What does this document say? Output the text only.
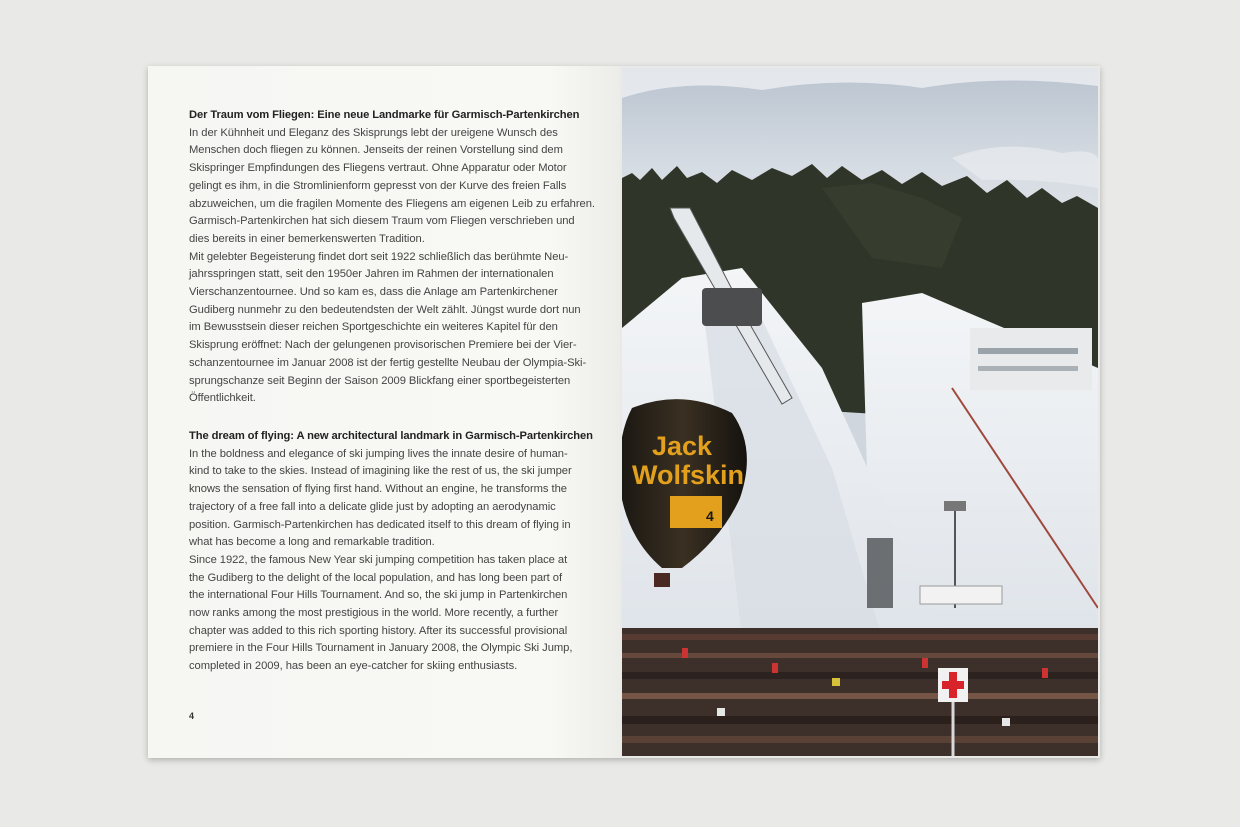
Der Traum vom Fliegen: Eine neue Landmarke für Garmisch-Partenkirchen
In der Kühnheit und Eleganz des Skisprungs lebt der ureigene Wunsch des
Menschen doch fliegen zu können. Jenseits der reinen Vorstellung sind dem
Skispringer Empfindungen des Fliegens vertraut. Ohne Apparatur oder Motor
gelingt es ihm, in die Stromlinienform gepresst von der Kurve des freien Falls
abzuweichen, um die fragilen Momente des Fliegens am eigenen Leib zu erfahren.
Garmisch-Partenkirchen hat sich diesem Traum vom Fliegen verschrieben und
dies bereits in einer bemerkenswerten Tradition.
Mit gelebter Begeisterung findet dort seit 1922 schließlich das berühmte Neu-
jahrsspringen statt, seit den 1950er Jahren im Rahmen der internationalen
Vierschanzentournee. Und so kam es, dass die Anlage am Partenkirchener
Gudiberg nunmehr zu den bedeutendsten der Welt zählt. Jüngst wurde dort nun
im Bewusstsein dieser reichen Sportgeschichte ein weiteres Kapitel für den
Skisprung eröffnet: Nach der gelungenen provisorischen Premiere bei der Vier-
schanzentournee im Januar 2008 ist der fertig gestellte Neubau der Olympia-Ski-
sprungschanze seit Beginn der Saison 2009 Blickfang einer sportbegeisterten
Öffentlichkeit.
The dream of flying: A new architectural landmark in Garmisch-Partenkirchen
In the boldness and elegance of ski jumping lives the innate desire of human-
kind to take to the skies. Instead of imagining like the rest of us, the ski jumper
knows the sensation of flying first hand. Without an engine, he transforms the
trajectory of a free fall into a delicate glide just by adopting an aerodynamic
position. Garmisch-Partenkirchen has dedicated itself to this dream of flying in
what has become a long and remarkable tradition.
Since 1922, the famous New Year ski jumping competition has taken place at
the Gudiberg to the delight of the local population, and has long been part of
the international Four Hills Tournament. And so, the ski jump in Partenkirchen
now ranks among the most prestigious in the world. More recently, a further
chapter was added to this rich sporting history. After its successful provisional
premiere in the Four Hills Tournament in January 2008, the Olympic Ski Jump,
completed in 2009, has been an eye-catcher for skiing enthusiasts.
4
Jack
Wolfskin
4
